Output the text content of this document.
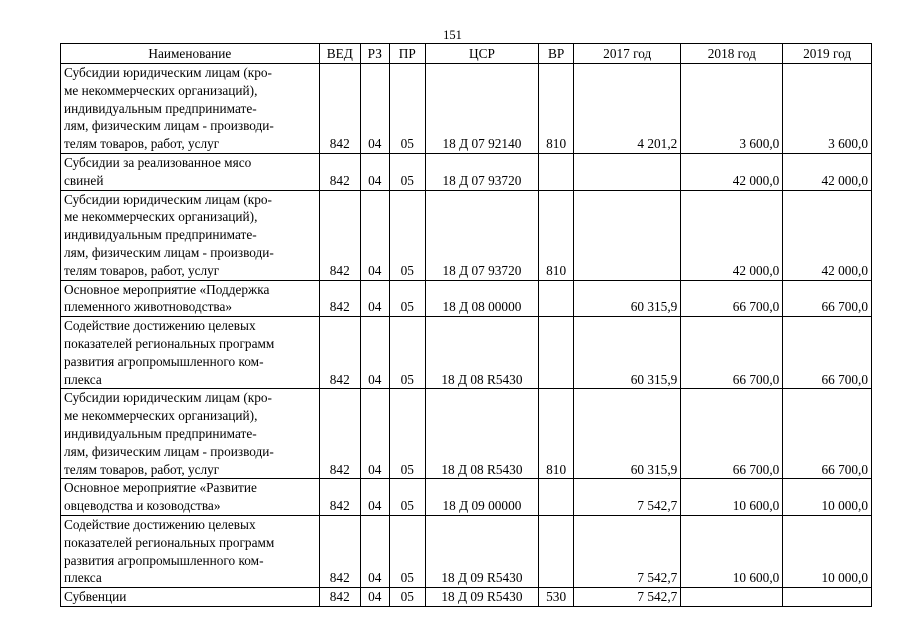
151
Наименование	ВЕД	РЗ	ПР	ЦСР	ВР	2017 год	2018 год	2019 год
Субсидии юридическим лицам (кро-
ме некоммерческих организаций),
индивидуальным предпринимате-
лям, физическим лицам - производи-
телям товаров, работ, услуг	842	04	05	18 Д 07 92140	810	4 201,2	3 600,0	3 600,0
Субсидии за реализованное мясо
свиней	842	04	05	18 Д 07 93720			42 000,0	42 000,0
Субсидии юридическим лицам (кро-
ме некоммерческих организаций),
индивидуальным предпринимате-
лям, физическим лицам - производи-
телям товаров, работ, услуг	842	04	05	18 Д 07 93720	810		42 000,0	42 000,0
Основное мероприятие «Поддержка
племенного животноводства»	842	04	05	18 Д 08 00000		60 315,9	66 700,0	66 700,0
Содействие достижению целевых
показателей региональных программ
развития агропромышленного ком-
плекса	842	04	05	18 Д 08 R5430		60 315,9	66 700,0	66 700,0
Субсидии юридическим лицам (кро-
ме некоммерческих организаций),
индивидуальным предпринимате-
лям, физическим лицам - производи-
телям товаров, работ, услуг	842	04	05	18 Д 08 R5430	810	60 315,9	66 700,0	66 700,0
Основное мероприятие «Развитие
овцеводства и козоводства»	842	04	05	18 Д 09 00000		7 542,7	10 600,0	10 000,0
Содействие достижению целевых
показателей региональных программ
развития агропромышленного ком-
плекса	842	04	05	18 Д 09 R5430		7 542,7	10 600,0	10 000,0
Субвенции	842	04	05	18 Д 09 R5430	530	7 542,7		
